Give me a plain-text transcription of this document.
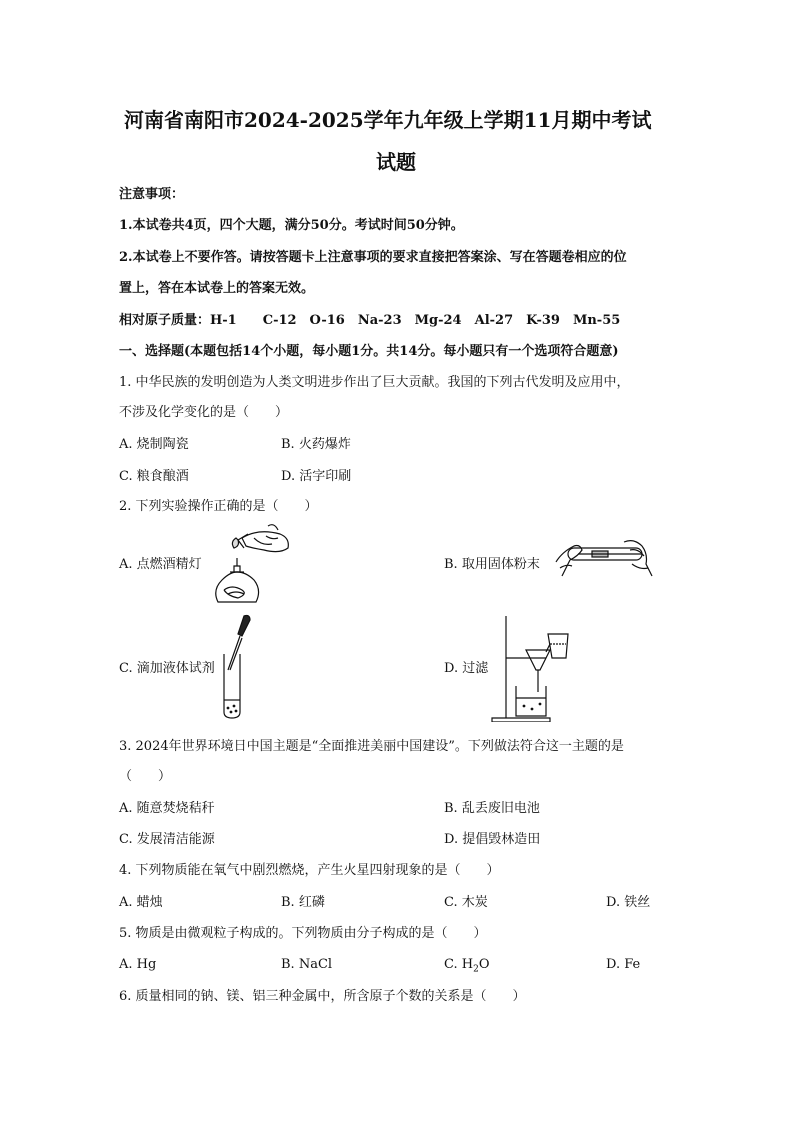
河南省南阳市2024-2025学年九年级上学期11月期中考试
试题
注意事项：
1.本试卷共4页，四个大题，满分50分。考试时间50分钟。
2.本试卷上不要作答。请按答题卡上注意事项的要求直接把答案涂、写在答题卷相应的位
置上，答在本试卷上的答案无效。
相对原子质量：H-1　　C-12　O-16　Na-23　Mg-24　Al-27　K-39　Mn-55
一、选择题(本题包括14个小题，每小题1分。共14分。每小题只有一个选项符合题意)
1. 中华民族的发明创造为人类文明进步作出了巨大贡献。我国的下列古代发明及应用中，
不涉及化学变化的是（　　）
A. 烧制陶瓷	B. 火药爆炸
C. 粮食酿酒	D. 活字印刷
2. 下列实验操作正确的是（　　）
A. 点燃酒精灯	B. 取用固体粉末
C. 滴加液体试剂	D. 过滤
3. 2024年世界环境日中国主题是“全面推进美丽中国建设”。下列做法符合这一主题的是
（　　）
A. 随意焚烧秸秆	B. 乱丢废旧电池
C. 发展清洁能源	D. 提倡毁林造田
4. 下列物质能在氧气中剧烈燃烧，产生火星四射现象的是（　　）
A. 蜡烛	B. 红磷	C. 木炭	D. 铁丝
5. 物质是由微观粒子构成的。下列物质由分子构成的是（　　）
A. Hg	B. NaCl	C. $H_2O$	D. Fe
6. 质量相同的钠、镁、铝三种金属中，所含原子个数的关系是（　　）
